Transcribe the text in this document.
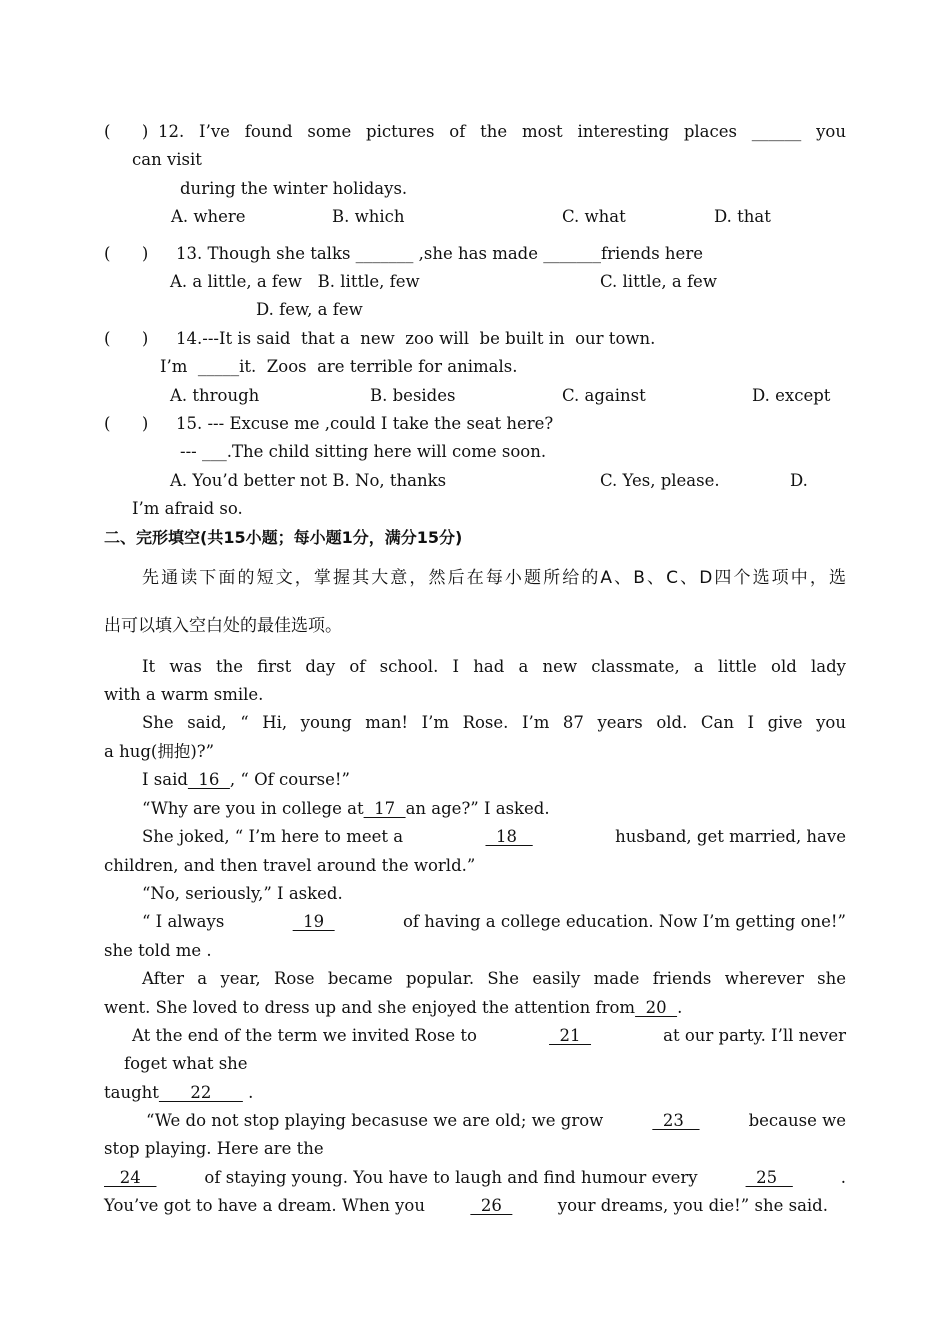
(      ) 12. I’ve found some pictures of the most interesting places ______ you
can visit
during the winter holidays.
A. where	B. which	C. what	D. that
(      ) 13. Though she talks _______ ,she has made _______friends here
A. a little, a few   B. little, few	C. little, a few
D. few, a few
(      ) 14.---It is said  that a  new  zoo will  be built in  our town.
I’m  _____it.  Zoos  are terrible for animals.
A. through	B. besides	C. against	D. except
(      ) 15. --- Excuse me ,could I take the seat here?
--- ___.The child sitting here will come soon.
A. You’d better not B. No, thanks	C. Yes, please.	D.
I’m afraid so.
二、完形填空(共15小题；每小题1分，满分15分)
先通读下面的短文，掌握其大意，然后在每小题所给的A、B、C、D四个选项中，选
出可以填入空白处的最佳选项。
It was the first day of school. I had a new classmate, a little old lady
with a warm smile.
She said, “ Hi, young man! I’m Rose. I’m 87 years old. Can I give you
a hug(拥抱)?”
I said  16  , “ Of course!”
“Why are you in college at  17  an age?” I asked.
She joked, “ I’m here to meet a	18	husband, get married, have
children, and then travel around the world.”
“No, seriously,” I asked.
“ I always	19	of having a college education. Now I’m getting one!”
she told me .
After a year, Rose became popular. She easily made friends wherever she
went. She loved to dress up and she enjoyed the attention from  20  .
At the end of the term we invited Rose to	21	at our party. I’ll never
foget what she
taught      22       .
“We do not stop playing becasuse we are old; we grow	23	because we
stop playing. Here are the
24	of staying young. You have to laugh and find humour every	25	.
You’ve got to have a dream. When you	26	your dreams, you die!” she said.
